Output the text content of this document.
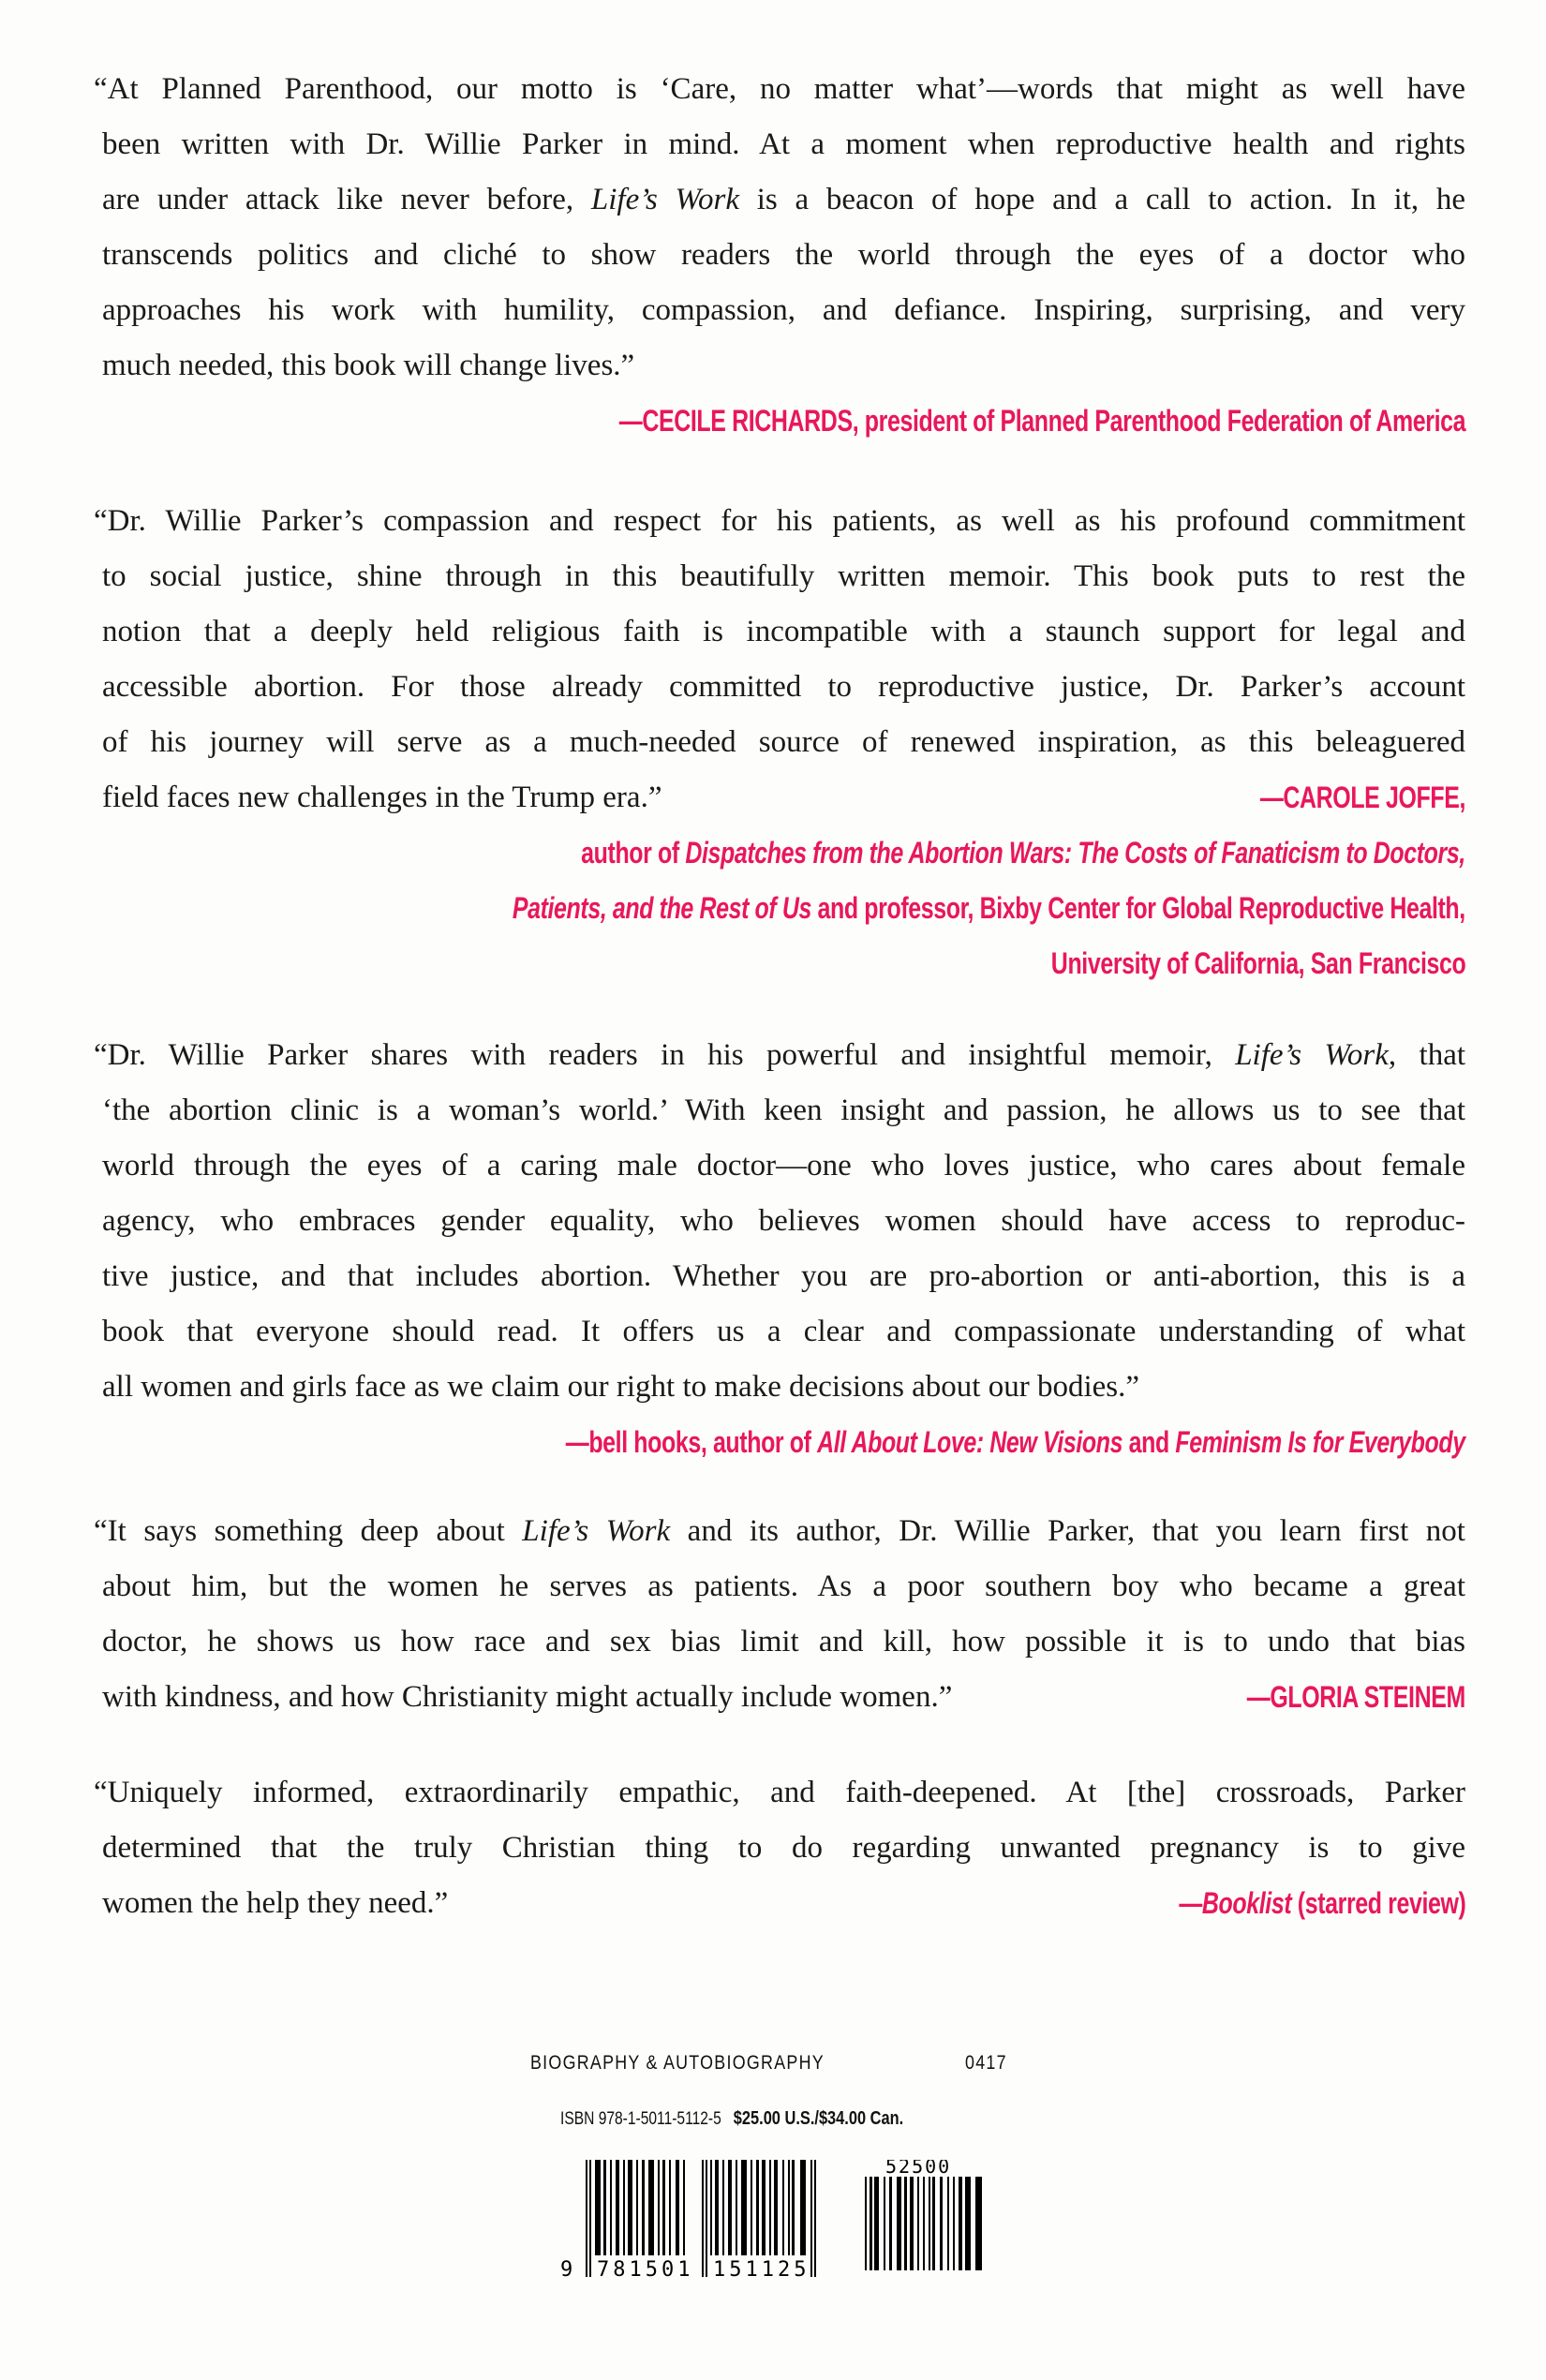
“At Planned Parenthood, our motto is ‘Care, no matter what’—words that might as well have
been written with Dr. Willie Parker in mind. At a moment when reproductive health and rights
are under attack like never before, Life’s Work is a beacon of hope and a call to action. In it, he
transcends politics and cliché to show readers the world through the eyes of a doctor who
approaches his work with humility, compassion, and defiance. Inspiring, surprising, and very
much needed, this book will change lives.”
—CECILE RICHARDS, president of Planned Parenthood Federation of America
“Dr. Willie Parker’s compassion and respect for his patients, as well as his profound commitment
to social justice, shine through in this beautifully written memoir. This book puts to rest the
notion that a deeply held religious faith is incompatible with a staunch support for legal and
accessible abortion. For those already committed to reproductive justice, Dr. Parker’s account
of his journey will serve as a much-needed source of renewed inspiration, as this beleaguered
field faces new challenges in the Trump era.”	—CAROLE JOFFE,
author of Dispatches from the Abortion Wars: The Costs of Fanaticism to Doctors,
Patients, and the Rest of Us and professor, Bixby Center for Global Reproductive Health,
University of California, San Francisco
“Dr. Willie Parker shares with readers in his powerful and insightful memoir, Life’s Work, that
‘the abortion clinic is a woman’s world.’ With keen insight and passion, he allows us to see that
world through the eyes of a caring male doctor—one who loves justice, who cares about female
agency, who embraces gender equality, who believes women should have access to reproduc-
tive justice, and that includes abortion. Whether you are pro-abortion or anti-abortion, this is a
book that everyone should read. It offers us a clear and compassionate understanding of what
all women and girls face as we claim our right to make decisions about our bodies.”
—bell hooks, author of All About Love: New Visions and Feminism Is for Everybody
“It says something deep about Life’s Work and its author, Dr. Willie Parker, that you learn first not
about him, but the women he serves as patients. As a poor southern boy who became a great
doctor, he shows us how race and sex bias limit and kill, how possible it is to undo that bias
with kindness, and how Christianity might actually include women.”	—GLORIA STEINEM
“Uniquely informed, extraordinarily empathic, and faith-deepened. At [the] crossroads, Parker
determined that the truly Christian thing to do regarding unwanted pregnancy is to give
women the help they need.”	—Booklist (starred review)
BIOGRAPHY & AUTOBIOGRAPHY	0417
ISBN 978-1-5011-5112-5 $25.00 U.S./$34.00 Can.
9 781501 151125
52500
